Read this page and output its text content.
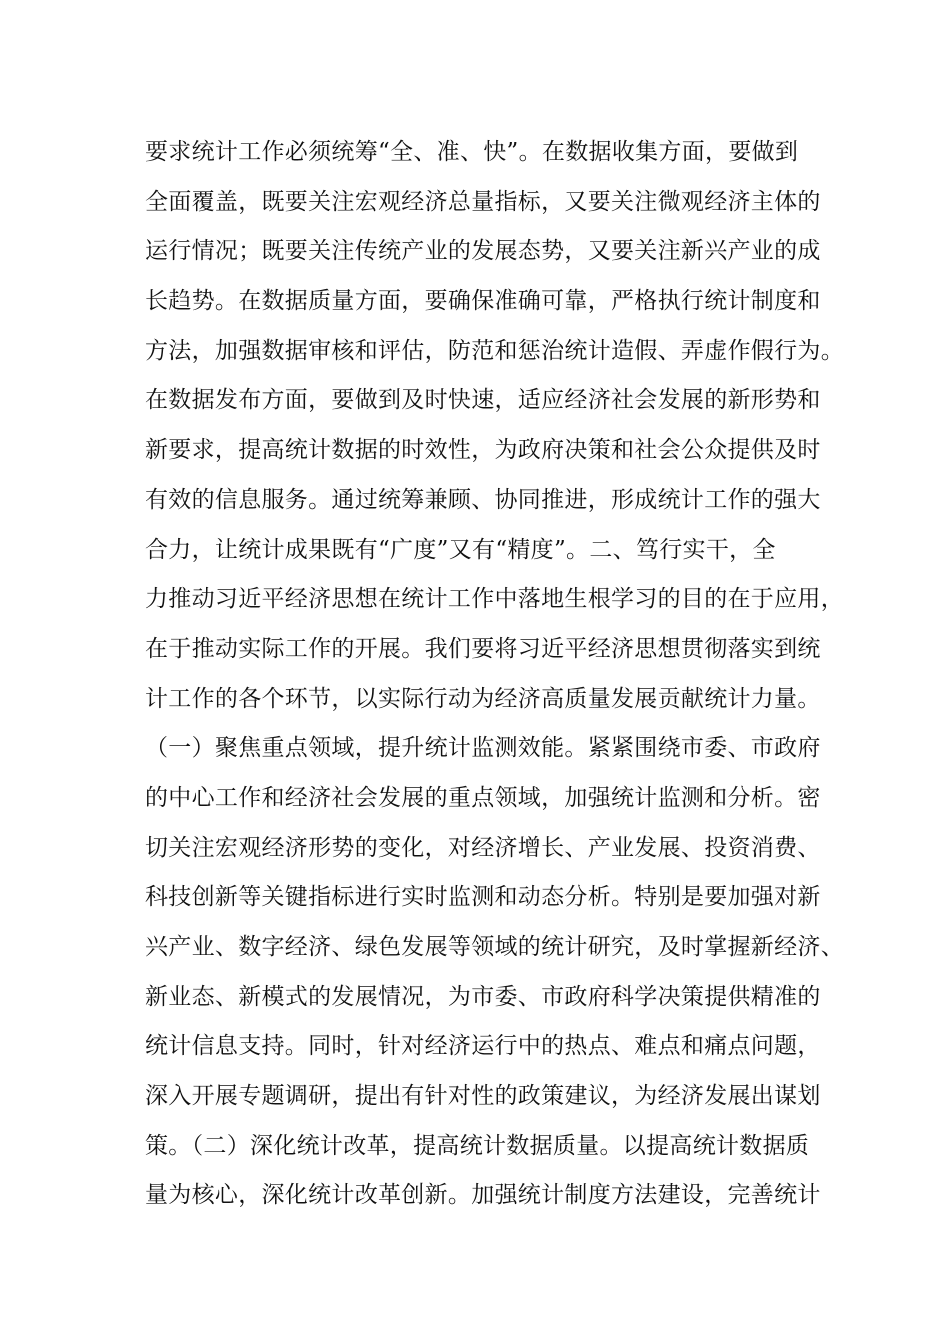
要求统计工作必须统筹“全、准、快”。在数据收集方面，要做到
全面覆盖，既要关注宏观经济总量指标，又要关注微观经济主体的
运行情况；既要关注传统产业的发展态势，又要关注新兴产业的成
长趋势。在数据质量方面，要确保准确可靠，严格执行统计制度和
方法，加强数据审核和评估，防范和惩治统计造假、弄虚作假行为。
在数据发布方面，要做到及时快速，适应经济社会发展的新形势和
新要求，提高统计数据的时效性，为政府决策和社会公众提供及时
有效的信息服务。通过统筹兼顾、协同推进，形成统计工作的强大
合力，让统计成果既有“广度”又有“精度”。二、笃行实干，全
力推动习近平经济思想在统计工作中落地生根学习的目的在于应用，
在于推动实际工作的开展。我们要将习近平经济思想贯彻落实到统
计工作的各个环节，以实际行动为经济高质量发展贡献统计力量。
（一）聚焦重点领域，提升统计监测效能。紧紧围绕市委、市政府
的中心工作和经济社会发展的重点领域，加强统计监测和分析。密
切关注宏观经济形势的变化，对经济增长、产业发展、投资消费、
科技创新等关键指标进行实时监测和动态分析。特别是要加强对新
兴产业、数字经济、绿色发展等领域的统计研究，及时掌握新经济、
新业态、新模式的发展情况，为市委、市政府科学决策提供精准的
统计信息支持。同时，针对经济运行中的热点、难点和痛点问题，
深入开展专题调研，提出有针对性的政策建议，为经济发展出谋划
策。（二）深化统计改革，提高统计数据质量。以提高统计数据质
量为核心，深化统计改革创新。加强统计制度方法建设，完善统计
